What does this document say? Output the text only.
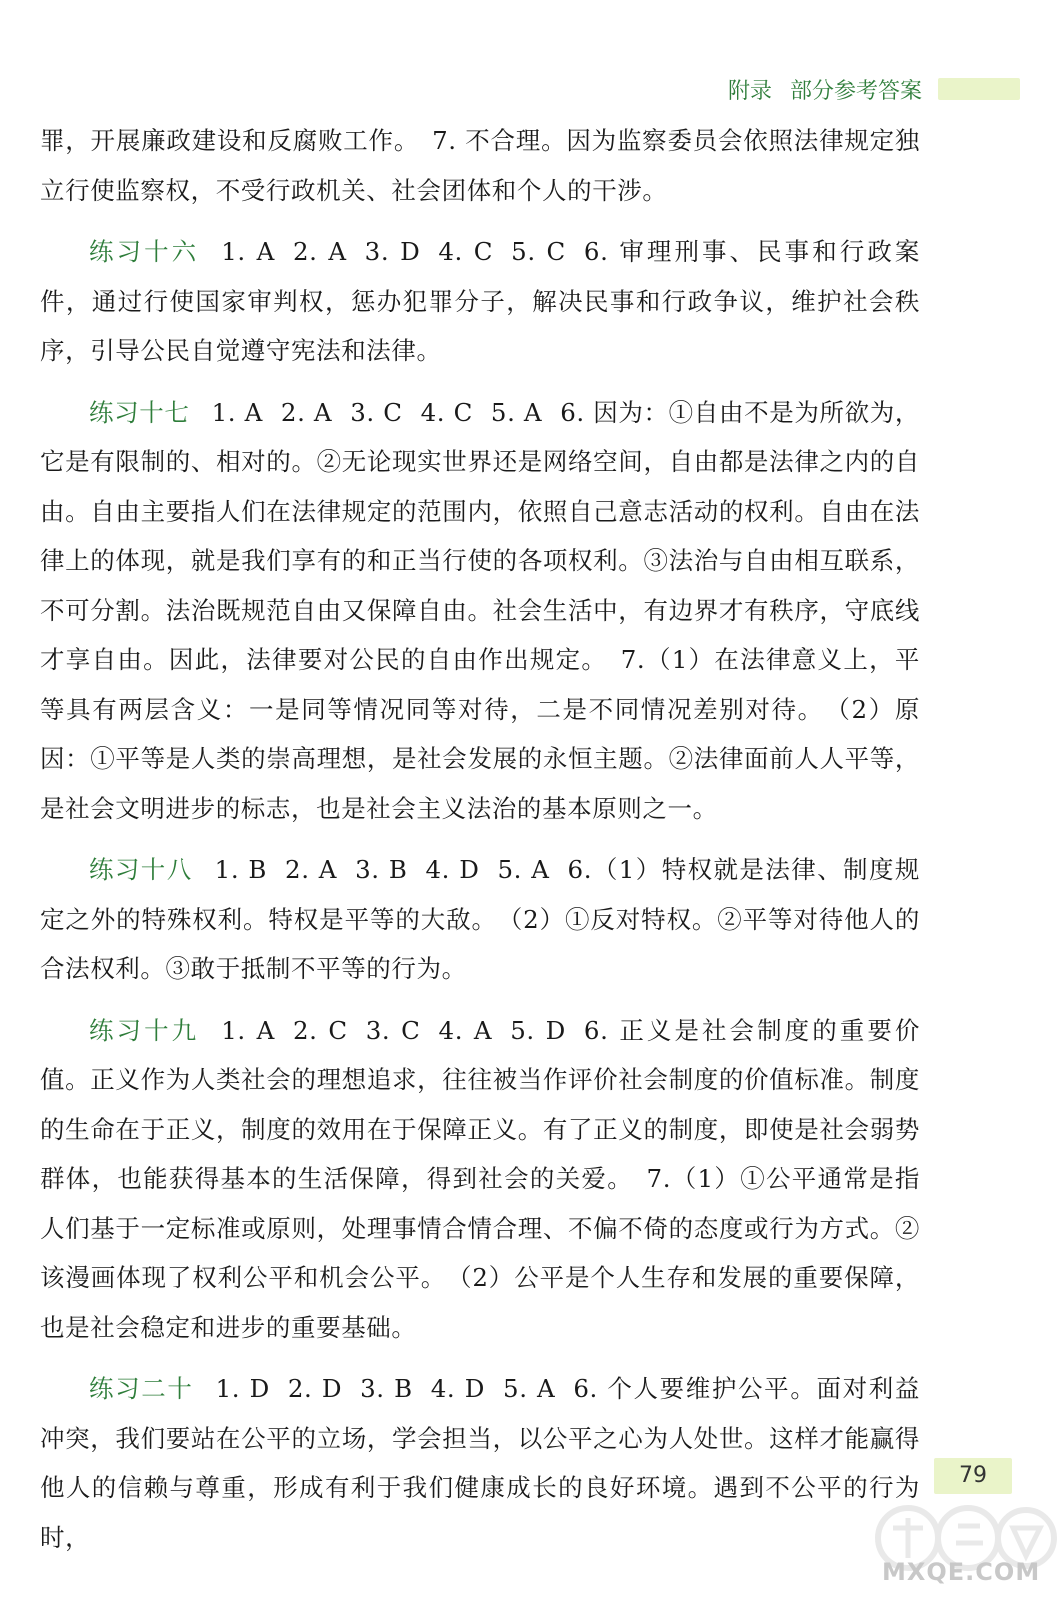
附录 部分参考答案

罪，开展廉政建设和反腐败工作。　7. 不合理。因为监察委员会依照法律规定独立行使监察权，不受行政机关、社会团体和个人的干涉。

练习十六 1. A 2. A 3. D 4. C 5. C 6. 审理刑事、民事和行政案件，通过行使国家审判权，惩办犯罪分子，解决民事和行政争议，维护社会秩序，引导公民自觉遵守宪法和法律。

练习十七 1. A 2. A 3. C 4. C 5. A 6. 因为：①自由不是为所欲为，它是有限制的、相对的。②无论现实世界还是网络空间，自由都是法律之内的自由。自由主要指人们在法律规定的范围内，依照自己意志活动的权利。自由在法律上的体现，就是我们享有的和正当行使的各项权利。③法治与自由相互联系，不可分割。法治既规范自由又保障自由。社会生活中，有边界才有秩序，守底线才享自由。因此，法律要对公民的自由作出规定。　7.（1）在法律意义上，平等具有两层含义：一是同等情况同等对待，二是不同情况差别对待。　（2）原因：①平等是人类的崇高理想，是社会发展的永恒主题。②法律面前人人平等，是社会文明进步的标志，也是社会主义法治的基本原则之一。

练习十八 1. B 2. A 3. B 4. D 5. A 6.（1）特权就是法律、制度规定之外的特殊权利。特权是平等的大敌。　（2）①反对特权。②平等对待他人的合法权利。③敢于抵制不平等的行为。

练习十九 1. A 2. C 3. C 4. A 5. D 6. 正义是社会制度的重要价值。正义作为人类社会的理想追求，往往被当作评价社会制度的价值标准。制度的生命在于正义，制度的效用在于保障正义。有了正义的制度，即使是社会弱势群体，也能获得基本的生活保障，得到社会的关爱。　7.（1）①公平通常是指人们基于一定标准或原则，处理事情合情合理、不偏不倚的态度或行为方式。②该漫画体现了权利公平和机会公平。　（2）公平是个人生存和发展的重要保障，也是社会稳定和进步的重要基础。

练习二十 1. D 2. D 3. B 4. D 5. A 6. 个人要维护公平。面对利益冲突，我们要站在公平的立场，学会担当，以公平之心为人处世。这样才能赢得他人的信赖与尊重，形成有利于我们健康成长的良好环境。遇到不公平的行为时，

79
MXQE.COM
